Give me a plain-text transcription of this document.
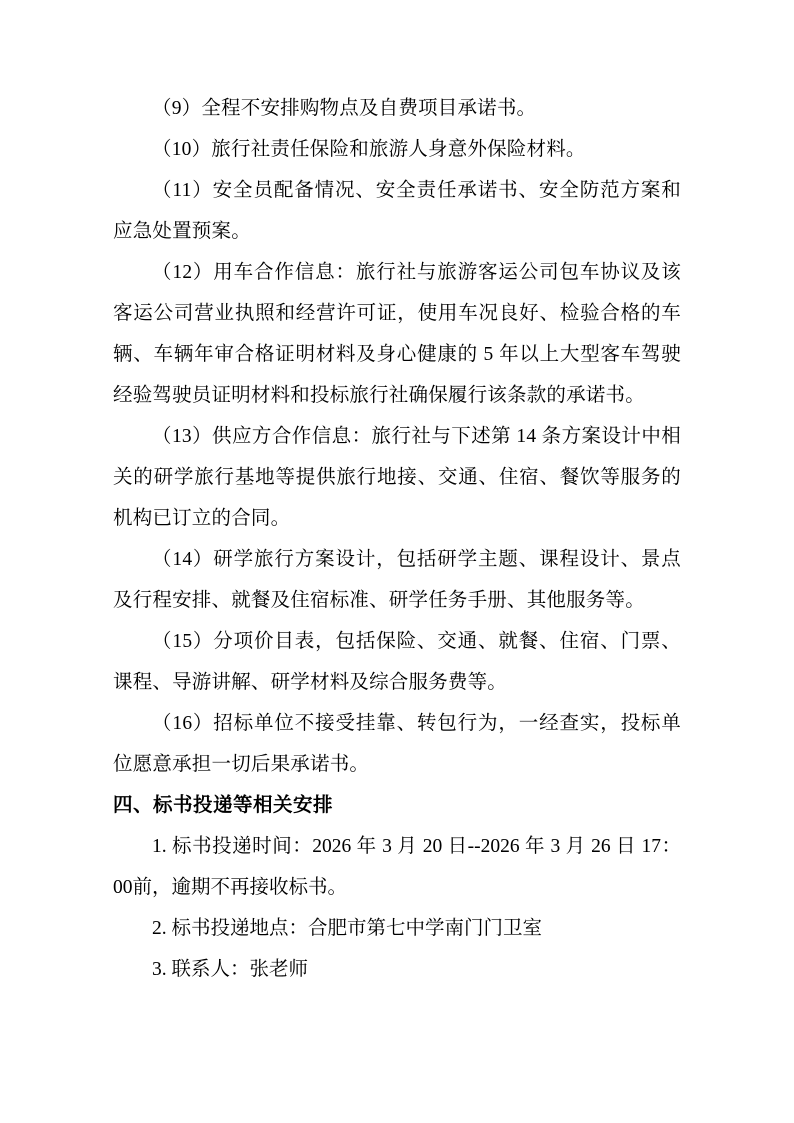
（9）全程不安排购物点及自费项目承诺书。

（10）旅行社责任保险和旅游人身意外保险材料。

（11）安全员配备情况、安全责任承诺书、安全防范方案和应急处置预案。

（12）用车合作信息：旅行社与旅游客运公司包车协议及该客运公司营业执照和经营许可证，使用车况良好、检验合格的车辆、车辆年审合格证明材料及身心健康的 5 年以上大型客车驾驶经验驾驶员证明材料和投标旅行社确保履行该条款的承诺书。

（13）供应方合作信息：旅行社与下述第 14 条方案设计中相关的研学旅行基地等提供旅行地接、交通、住宿、餐饮等服务的机构已订立的合同。

（14）研学旅行方案设计，包括研学主题、课程设计、景点及行程安排、就餐及住宿标准、研学任务手册、其他服务等。

（15）分项价目表，包括保险、交通、就餐、住宿、门票、课程、导游讲解、研学材料及综合服务费等。

（16）招标单位不接受挂靠、转包行为，一经查实，投标单位愿意承担一切后果承诺书。

四、标书投递等相关安排

1. 标书投递时间：2026 年 3 月 20 日--2026 年 3 月 26 日 17：00前，逾期不再接收标书。

2. 标书投递地点：合肥市第七中学南门门卫室

3. 联系人：张老师
